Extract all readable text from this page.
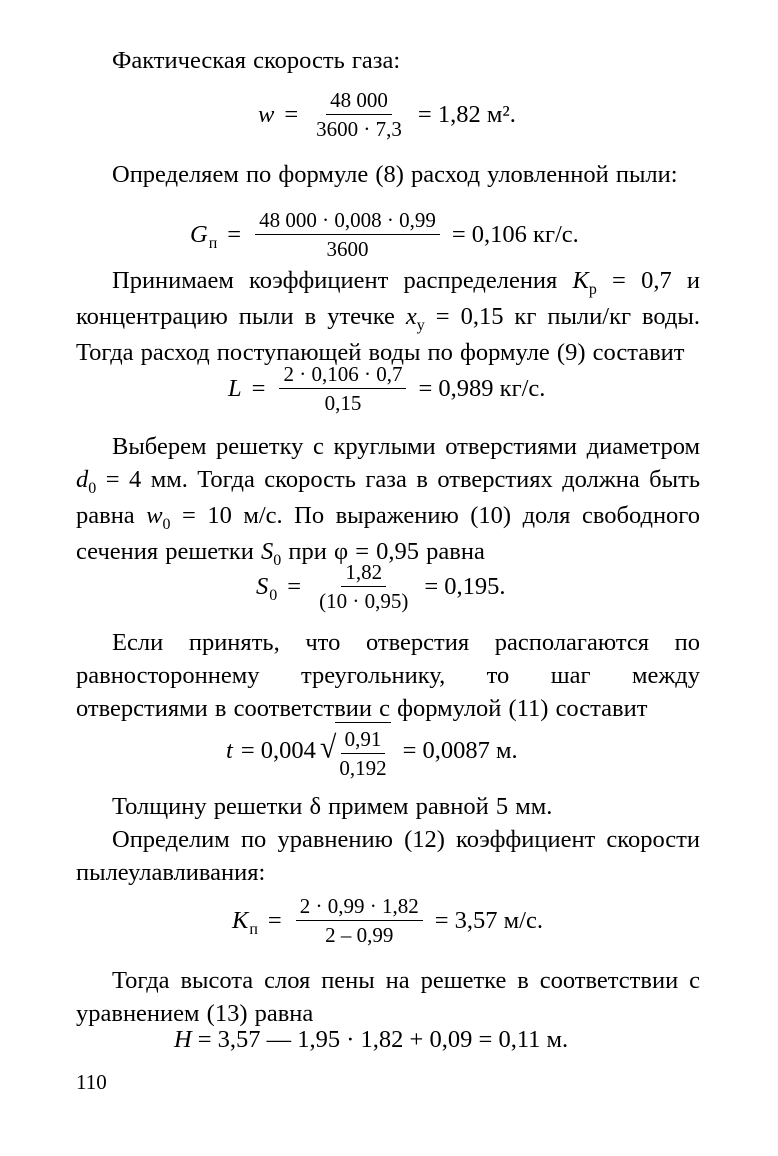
Фактическая скорость газа:

$w = \frac{48 000}{3600 \cdot 7,3} = 1,82$ м².

Определяем по формуле (8) расход уловленной пыли:

G $п = \frac{48 000 \cdot 0,008 \cdot 0,99}{3600} = 0,106$ кг/с.

Принимаем коэффициент распределения $K_p = 0,7$ и концентрацию пыли в утечке $x_y = 0,15$ кг пыли/кг воды. Тогда расход поступающей воды по формуле (9) составит

$L = \frac{2 \cdot 0,106 \cdot 0,7}{0,15} = 0,989$ кг/с.

Выберем решетку с круглыми отверстиями диаметром $d_0 = 4$ мм. Тогда скорость газа в отверстиях должна быть равна $w_0 = 10$ м/с. По выражению (10) доля свободного сечения решетки $S_0$ при φ = 0,95 равна

S $0 = \frac{1,82}{(10 \cdot 0,95)} = 0,195$.

Если принять, что отверстия располагаются по равностороннему треугольнику, то шаг между отверстиями в соответствии с формулой (11) составит

t = 0,004 √ $\frac{0,91}{0,192} = 0,0087$ м.

Толщину решетки δ примем равной 5 мм.

Определим по уравнению (12) коэффициент скорости пылеулавливания:

K $п = \frac{2 \cdot 0,99 \cdot 1,82}{2 - 0,99} = 3,57$ м/с.

Тогда высота слоя пены на решетке в соответствии с уравнением (13) равна

H = 3,57 — 1,95 · 1,82 + 0,09 = 0,11 м.
110
